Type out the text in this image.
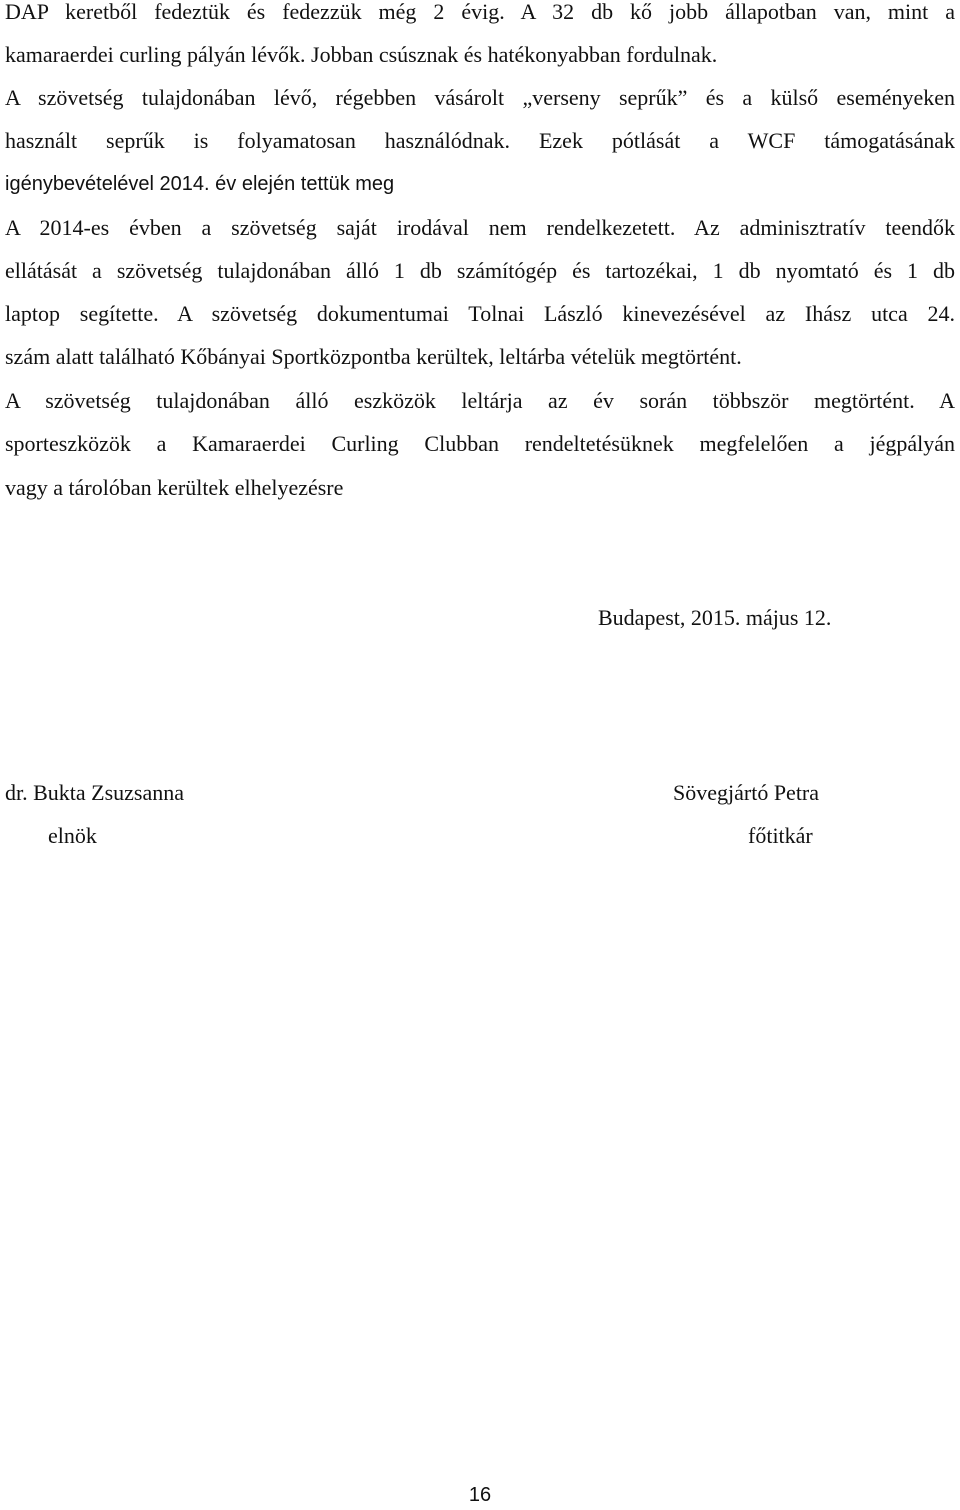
DAP keretből fedeztük és fedezzük még 2 évig. A 32 db kő jobb állapotban van, mint a
kamaraerdei curling pályán lévők. Jobban csúsznak és hatékonyabban fordulnak.
A szövetség tulajdonában lévő, régebben vásárolt „verseny seprűk” és a külső eseményeken
használt seprűk is folyamatosan használódnak. Ezek pótlását a WCF támogatásának
igénybevételével 2014. év elején tettük meg
A 2014-es évben a szövetség saját irodával nem rendelkezetett. Az adminisztratív teendők
ellátását a szövetség tulajdonában álló 1 db számítógép és tartozékai, 1 db nyomtató és 1 db
laptop segítette. A szövetség dokumentumai Tolnai László kinevezésével az Ihász utca 24.
szám alatt található Kőbányai Sportközpontba kerültek, leltárba vételük megtörtént.
A szövetség tulajdonában álló eszközök leltárja az év során többször megtörtént. A
sporteszközök a Kamaraerdei Curling Clubban rendeltetésüknek megfelelően a jégpályán
vagy a tárolóban kerültek elhelyezésre
Budapest, 2015. május 12.
dr. Bukta Zsuzsanna
elnök
Sövegjártó Petra
főtitkár
16
